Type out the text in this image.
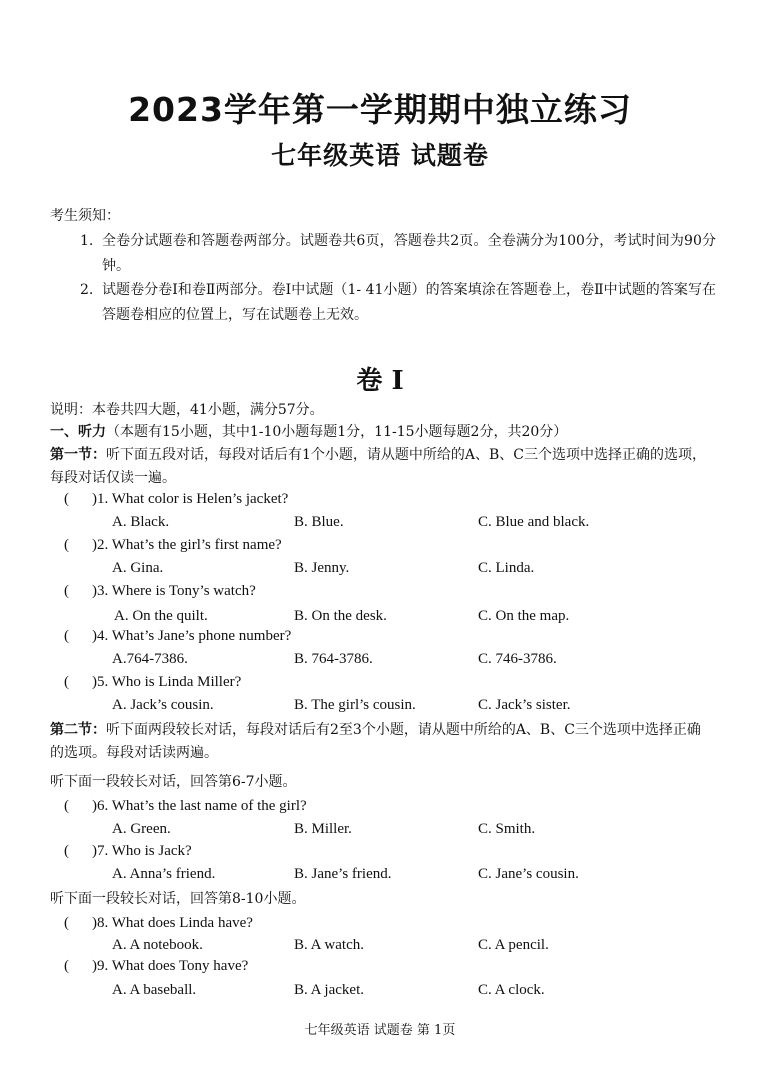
2023学年第一学期期中独立练习
七年级英语 试题卷
考生须知：
1. 全卷分试题卷和答题卷两部分。试题卷共6页，答题卷共2页。全卷满分为100分，考试时间为90分钟。
2. 试题卷分卷Ⅰ和卷Ⅱ两部分。卷Ⅰ中试题（1- 41小题）的答案填涂在答题卷上，卷Ⅱ中试题的答案写在答题卷相应的位置上，写在试题卷上无效。
卷 Ⅰ
说明：本卷共四大题，41小题，满分57分。
一、听力（本题有15小题，其中1-10小题每题1分，11-15小题每题2分，共20分）
第一节：听下面五段对话，每段对话后有1个小题，请从题中所给的A、B、C三个选项中选择正确的选项，每段对话仅读一遍。
( )1. What color is Helen’s jacket?
A. Black.	B. Blue.	C. Blue and black.
( )2. What’s the girl’s first name?
A. Gina.	B. Jenny.	C. Linda.
( )3. Where is Tony’s watch?
A. On the quilt.	B. On the desk.	C. On the map.
( )4. What’s Jane’s phone number?
A.764-7386.	B. 764-3786.	C. 746-3786.
( )5. Who is Linda Miller?
A. Jack’s cousin.	B. The girl’s cousin.	C. Jack’s sister.
第二节：听下面两段较长对话，每段对话后有2至3个小题，请从题中所给的A、B、C三个选项中选择正确的选项。每段对话读两遍。
听下面一段较长对话，回答第6-7小题。
( )6. What’s the last name of the girl?
A. Green.	B. Miller.	C. Smith.
( )7. Who is Jack?
A. Anna’s friend.	B. Jane’s friend.	C. Jane’s cousin.
听下面一段较长对话，回答第8-10小题。
( )8. What does Linda have?
A. A notebook.	B. A watch.	C. A pencil.
( )9. What does Tony have?
A. A baseball.	B. A jacket.	C. A clock.
七年级英语 试题卷 第 1页
